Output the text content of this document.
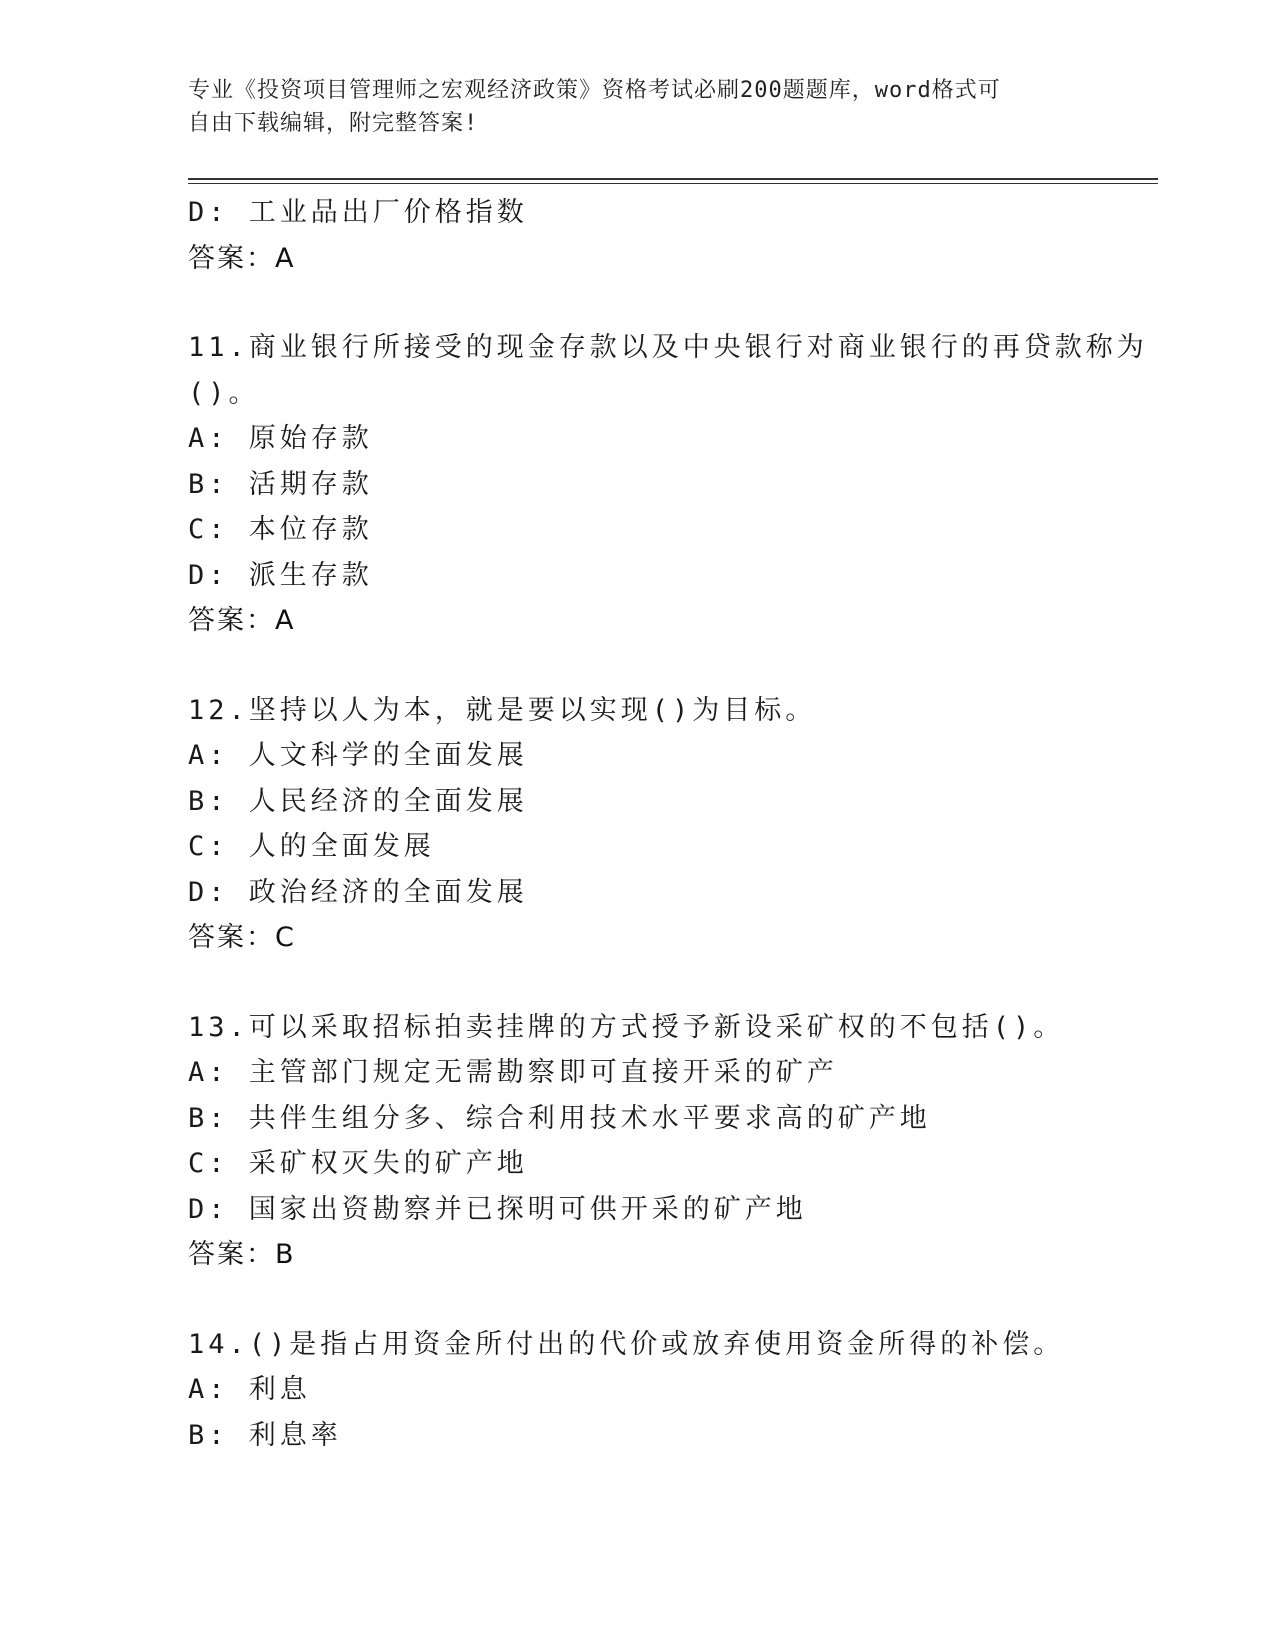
专业《投资项目管理师之宏观经济政策》资格考试必刷200题题库，word格式可
自由下载编辑，附完整答案!
D: 工业品出厂价格指数
答案：A
11.商业银行所接受的现金存款以及中央银行对商业银行的再贷款称为
()。
A: 原始存款
B: 活期存款
C: 本位存款
D: 派生存款
答案：A
12.坚持以人为本，就是要以实现()为目标。
A: 人文科学的全面发展
B: 人民经济的全面发展
C: 人的全面发展
D: 政治经济的全面发展
答案：C
13.可以采取招标拍卖挂牌的方式授予新设采矿权的不包括()。
A: 主管部门规定无需勘察即可直接开采的矿产
B: 共伴生组分多、综合利用技术水平要求高的矿产地
C: 采矿权灭失的矿产地
D: 国家出资勘察并已探明可供开采的矿产地
答案：B
14.()是指占用资金所付出的代价或放弃使用资金所得的补偿。
A: 利息
B: 利息率
